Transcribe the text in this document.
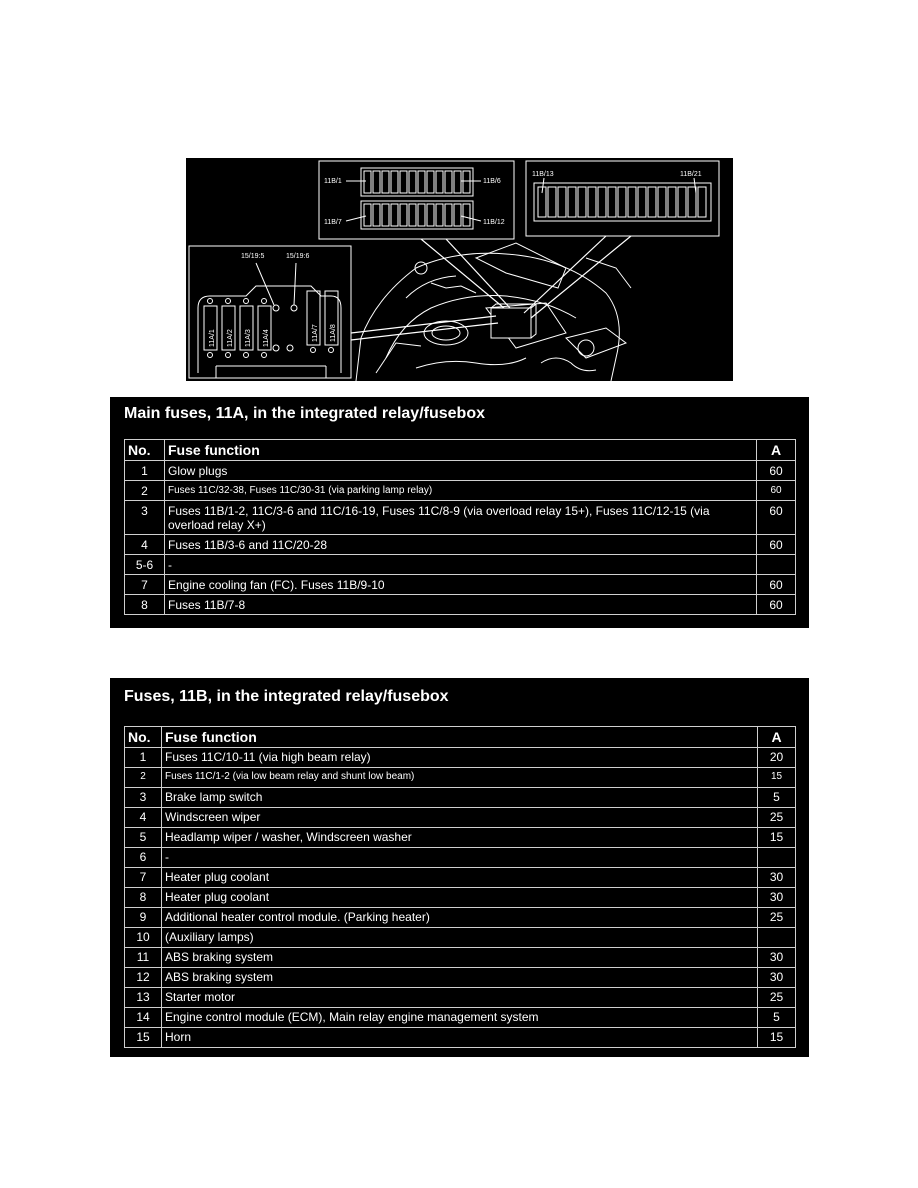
11B/1	11B/6
11B/7	11B/12
11B/13	11B/21
15/19:5	15/19:6
11A/1 11A/2 11A/3 11A/4	11A/7 11A/8
Main fuses, 11A, in the integrated relay/fusebox
No.	Fuse function	A
1	Glow plugs	60
2	Fuses 11C/32-38, Fuses 11C/30-31 (via parking lamp relay)	60
3	Fuses 11B/1-2, 11C/3-6 and 11C/16-19, Fuses 11C/8-9 (via overload relay 15+), Fuses 11C/12-15 (via overload relay X+)	60
4	Fuses 11B/3-6 and 11C/20-28	60
5-6	-	
7	Engine cooling fan (FC). Fuses 11B/9-10	60
8	Fuses 11B/7-8	60
Fuses, 11B, in the integrated relay/fusebox
No.	Fuse function	A
1	Fuses 11C/10-11 (via high beam relay)	20
2	Fuses 11C/1-2 (via low beam relay and shunt low beam)	15
3	Brake lamp switch	5
4	Windscreen wiper	25
5	Headlamp wiper / washer, Windscreen washer	15
6	-	
7	Heater plug coolant	30
8	Heater plug coolant	30
9	Additional heater control module. (Parking heater)	25
10	(Auxiliary lamps)	
11	ABS braking system	30
12	ABS braking system	30
13	Starter motor	25
14	Engine control module (ECM), Main relay engine management system	5
15	Horn	15
